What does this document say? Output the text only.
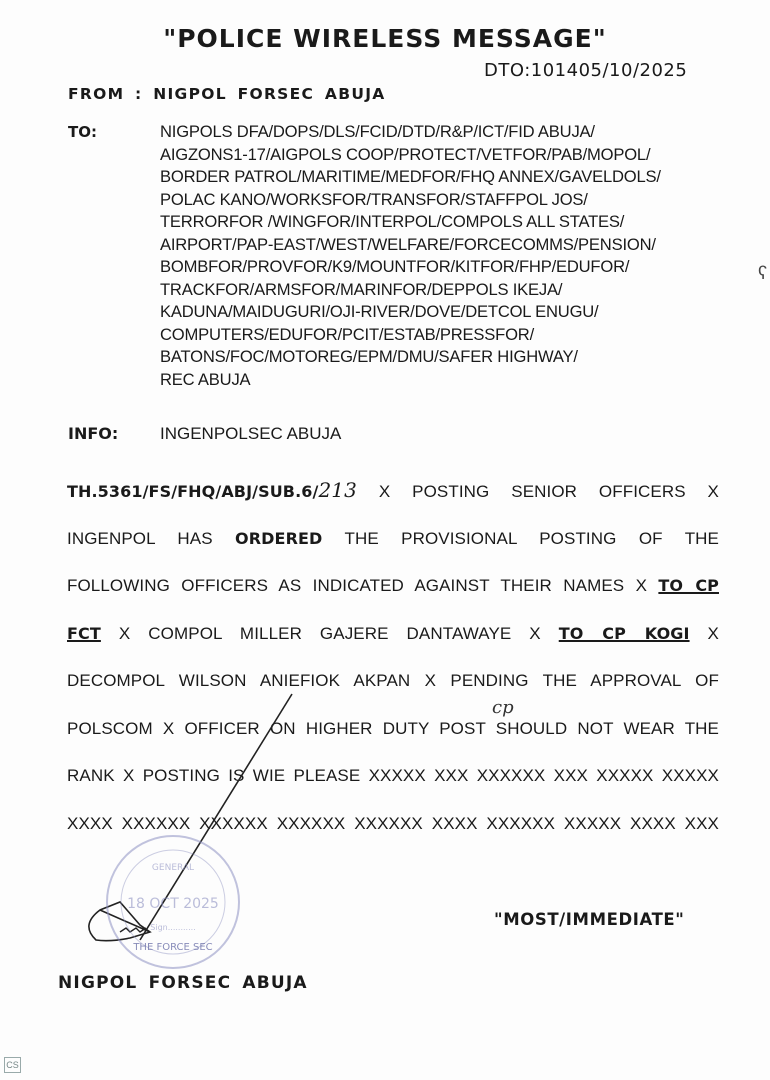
"POLICE WIRELESS MESSAGE"
DTO:101405/10/2025
FROM : NIGPOL FORSEC ABUJA
TO:	NIGPOLS DFA/DOPS/DLS/FCID/DTD/R&P/ICT/FID ABUJA/
AIGZONS1-17/AIGPOLS COOP/PROTECT/VETFOR/PAB/MOPOL/
BORDER PATROL/MARITIME/MEDFOR/FHQ ANNEX/GAVELDOLS/
POLAC KANO/WORKSFOR/TRANSFOR/STAFFPOL JOS/
TERRORFOR /WINGFOR/INTERPOL/COMPOLS ALL STATES/
AIRPORT/PAP-EAST/WEST/WELFARE/FORCECOMMS/PENSION/
BOMBFOR/PROVFOR/K9/MOUNTFOR/KITFOR/FHP/EDUFOR/
TRACKFOR/ARMSFOR/MARINFOR/DEPPOLS IKEJA/
KADUNA/MAIDUGURI/OJI-RIVER/DOVE/DETCOL ENUGU/
COMPUTERS/EDUFOR/PCIT/ESTAB/PRESSFOR/
BATONS/FOC/MOTOREG/EPM/DMU/SAFER HIGHWAY/
REC ABUJA
INFO: INGENPOLSEC ABUJA
TH.5361/FS/FHQ/ABJ/SUB.6/213 X POSTING SENIOR OFFICERS X
INGENPOL HAS ORDERED THE PROVISIONAL POSTING OF THE
FOLLOWING OFFICERS AS INDICATED AGAINST THEIR NAMES X TO CP
FCT X COMPOL MILLER GAJERE DANTAWAYE X TO CP KOGI X
DECOMPOL WILSON ANIEFIOK AKPAN X PENDING THE APPROVAL OF
POLSCOM X OFFICER ON HIGHER DUTY POST SHOULD NOT WEAR THE
RANK X POSTING IS WIE PLEASE XXXXX XXX XXXXXX XXX XXXXX XXXXX
XXXX XXXXXX XXXXXX XXXXXX XXXXXX XXXX XXXXXX XXXXX XXXX XXX
cp
18 OCT 2025
GENERAL
Sign...........
THE FORCE SEC
"MOST/IMMEDIATE"
NIGPOL FORSEC ABUJA
ʕ
CS
